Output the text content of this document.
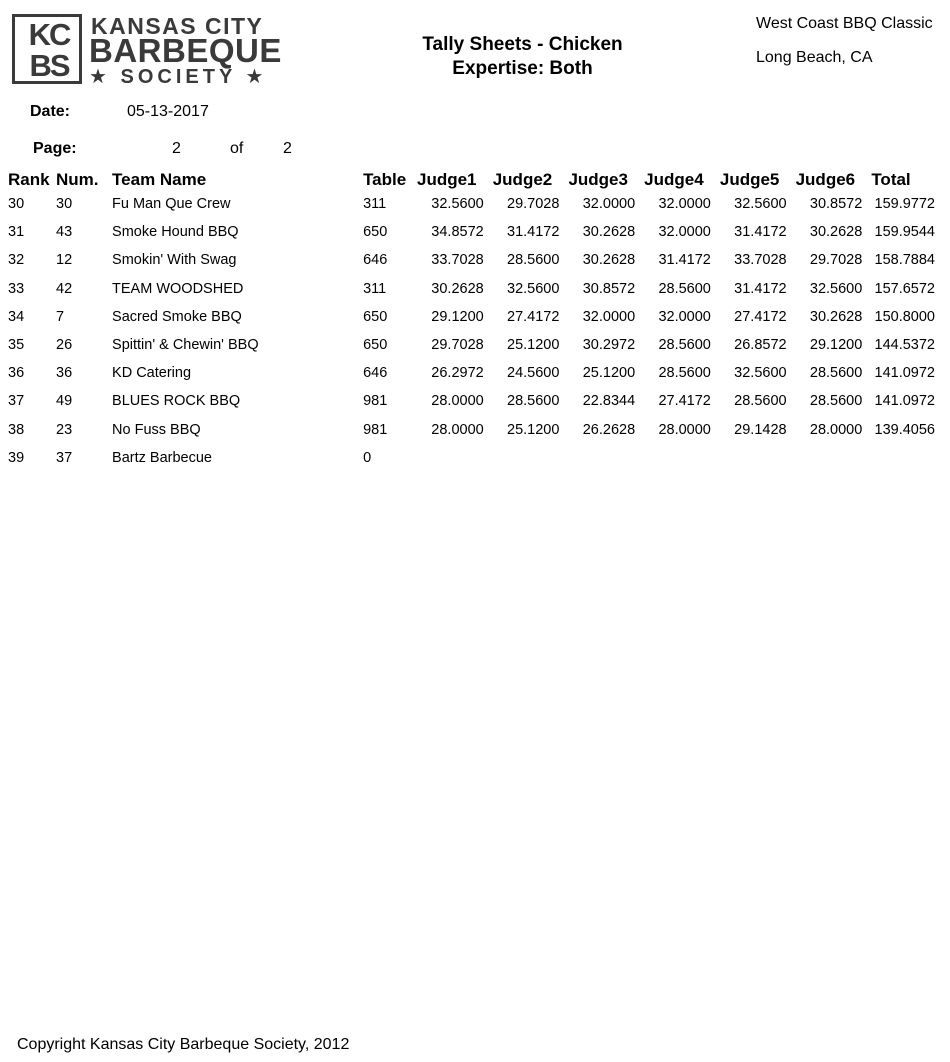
KC
BS
KANSAS CITY
BARBEQUE
★ SOCIETY ★
Tally Sheets - Chicken
Expertise: Both
West Coast BBQ Classic
Long Beach, CA
Date:	05-13-2017
Page:	2	of 2
Rank	Num.	Team Name	Table	Judge1	Judge2	Judge3	Judge4	Judge5	Judge6	Total
30	30	Fu Man Que Crew	311	32.5600	29.7028	32.0000	32.0000	32.5600	30.8572	159.9772
31	43	Smoke Hound BBQ	650	34.8572	31.4172	30.2628	32.0000	31.4172	30.2628	159.9544
32	12	Smokin' With Swag	646	33.7028	28.5600	30.2628	31.4172	33.7028	29.7028	158.7884
33	42	TEAM WOODSHED	311	30.2628	32.5600	30.8572	28.5600	31.4172	32.5600	157.6572
34	7	Sacred Smoke BBQ	650	29.1200	27.4172	32.0000	32.0000	27.4172	30.2628	150.8000
35	26	Spittin' & Chewin' BBQ	650	29.7028	25.1200	30.2972	28.5600	26.8572	29.1200	144.5372
36	36	KD Catering	646	26.2972	24.5600	25.1200	28.5600	32.5600	28.5600	141.0972
37	49	BLUES ROCK BBQ	981	28.0000	28.5600	22.8344	27.4172	28.5600	28.5600	141.0972
38	23	No Fuss BBQ	981	28.0000	25.1200	26.2628	28.0000	29.1428	28.0000	139.4056
39	37	Bartz Barbecue	0							
Copyright Kansas City Barbeque Society, 2012
